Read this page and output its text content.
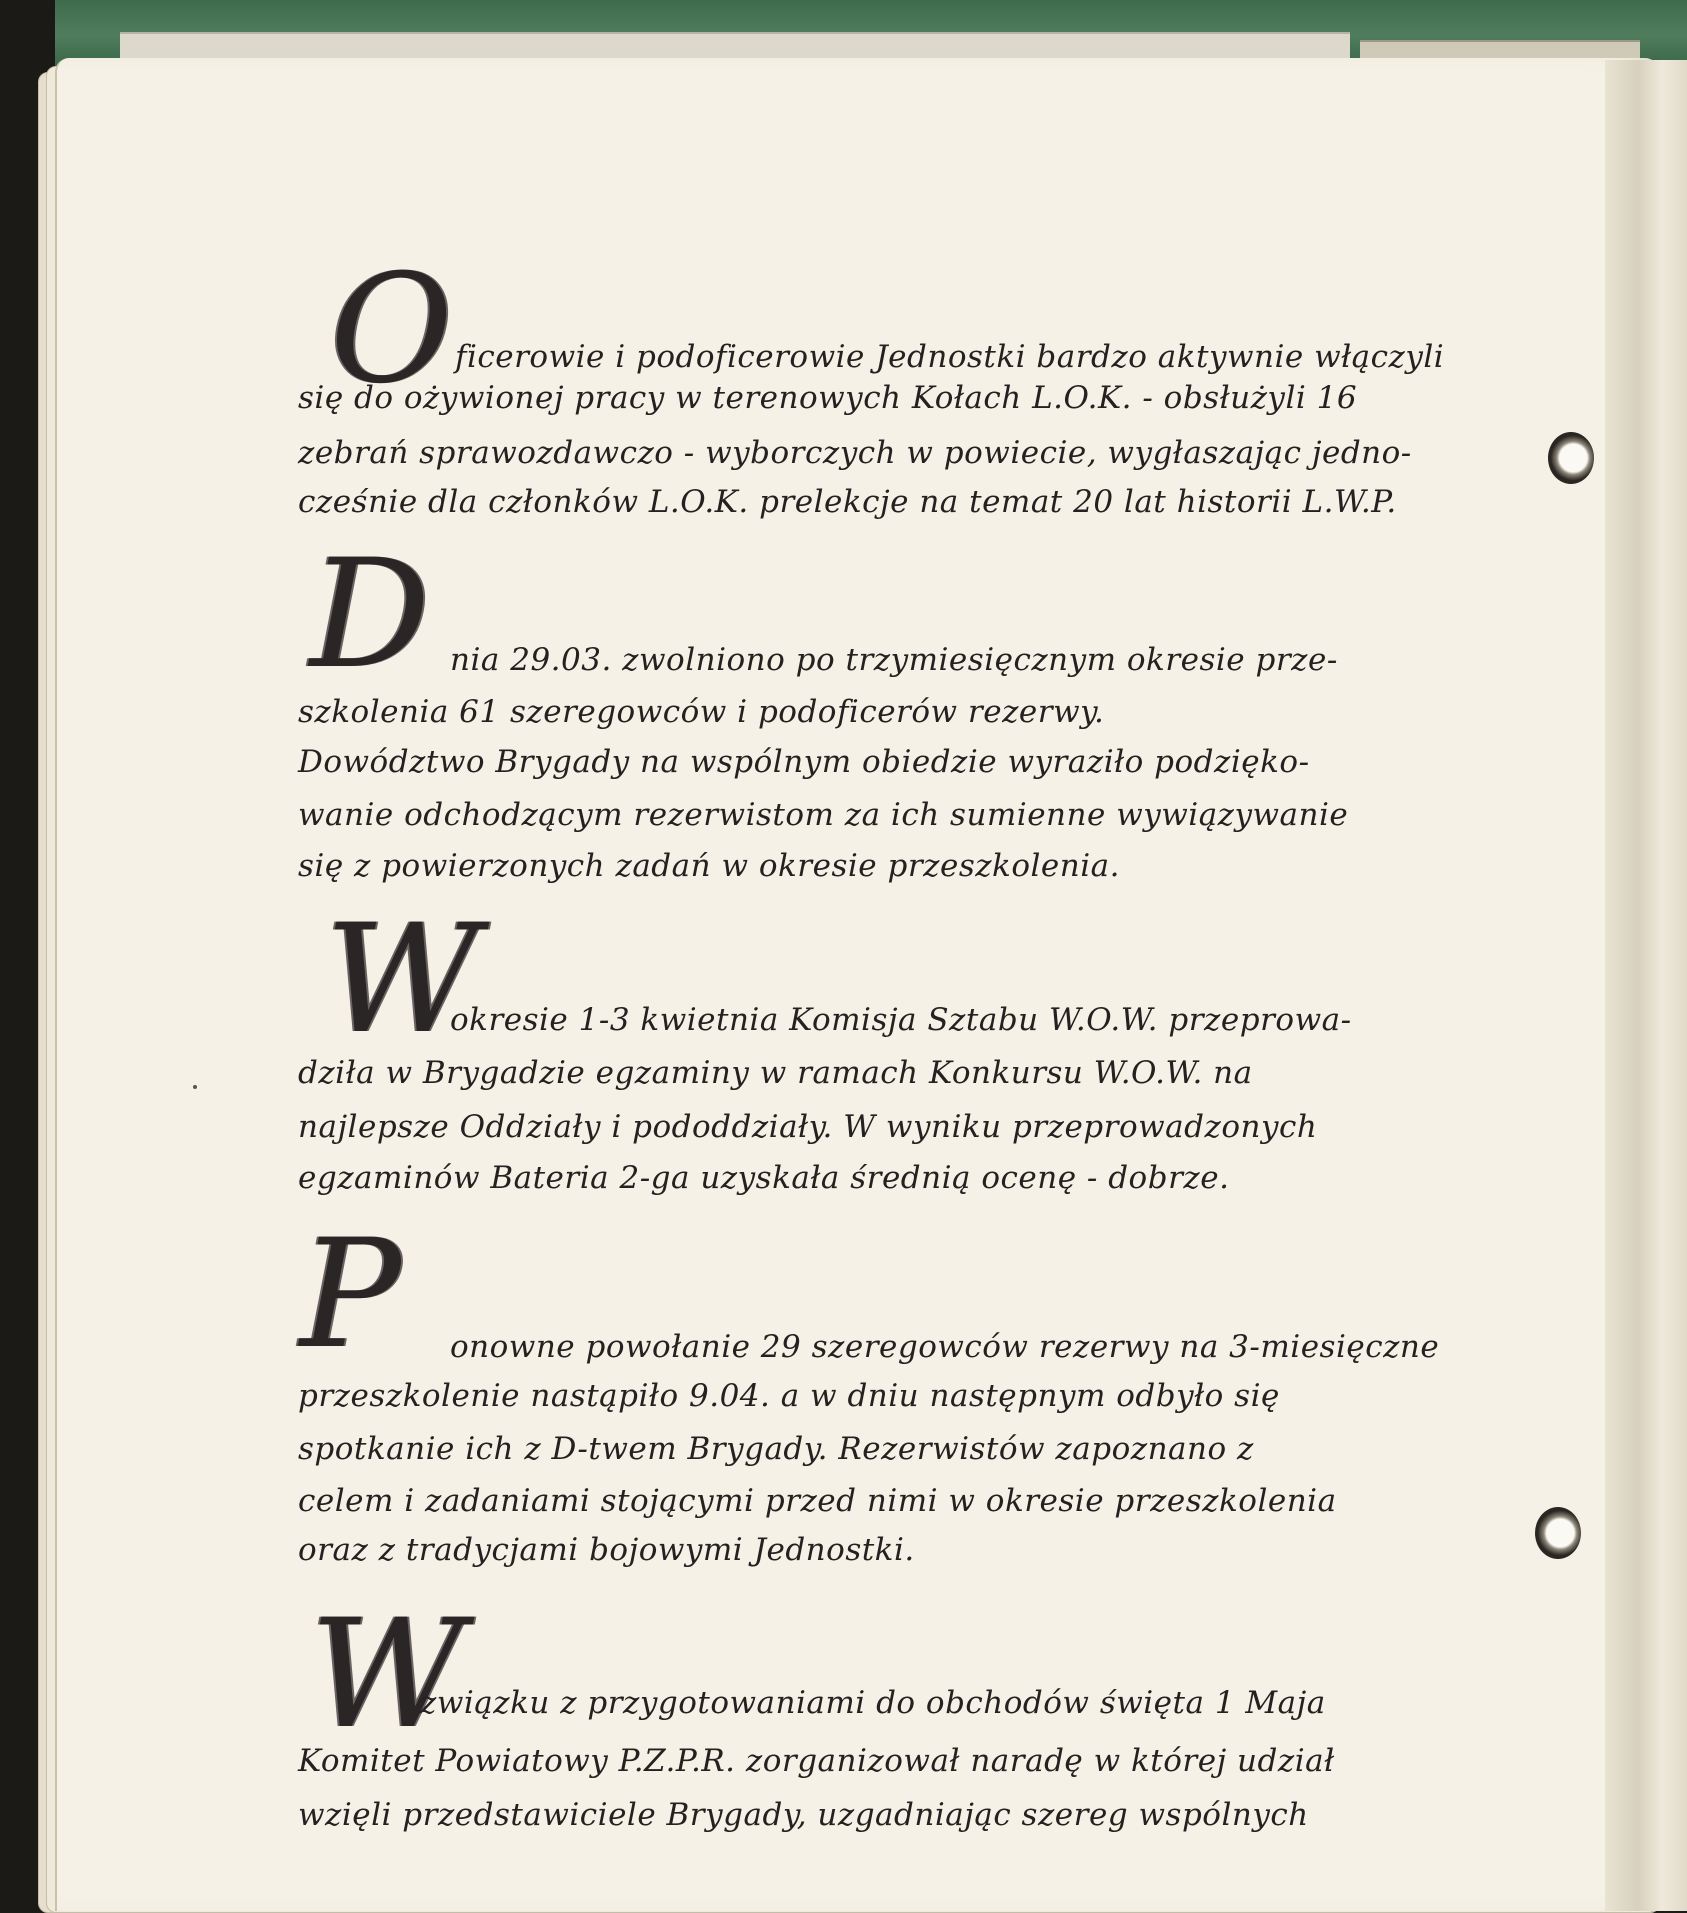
O ficerowie i podoficerowie Jednostki bardzo aktywnie włączyli
się do ożywionej pracy w terenowych Kołach L.O.K. - obsłużyli 16
zebrań sprawozdawczo - wyborczych w powiecie, wygłaszając jedno-
cześnie dla członków L.O.K. prelekcje na temat 20 lat historii L.W.P.
D nia 29.03. zwolniono po trzymiesięcznym okresie prze-
szkolenia 61 szeregowców i podoficerów rezerwy.
Dowództwo Brygady na wspólnym obiedzie wyraziło podzięko-
wanie odchodzącym rezerwistom za ich sumienne wywiązywanie
się z powierzonych zadań w okresie przeszkolenia.
W
okresie 1-3 kwietnia Komisja Sztabu W.O.W. przeprowa-
dziła w Brygadzie egzaminy w ramach Konkursu W.O.W. na
najlepsze Oddziały i pododdziały. W wyniku przeprowadzonych
egzaminów Bateria 2-ga uzyskała średnią ocenę - dobrze.
P onowne powołanie 29 szeregowców rezerwy na 3-miesięczne
przeszkolenie nastąpiło 9.04. a w dniu następnym odbyło się
spotkanie ich z D-twem Brygady. Rezerwistów zapoznano z
celem i zadaniami stojącymi przed nimi w okresie przeszkolenia
oraz z tradycjami bojowymi Jednostki.
W
związku z przygotowaniami do obchodów święta 1 Maja
Komitet Powiatowy P.Z.P.R. zorganizował naradę w której udział
wzięli przedstawiciele Brygady, uzgadniając szereg wspólnych
